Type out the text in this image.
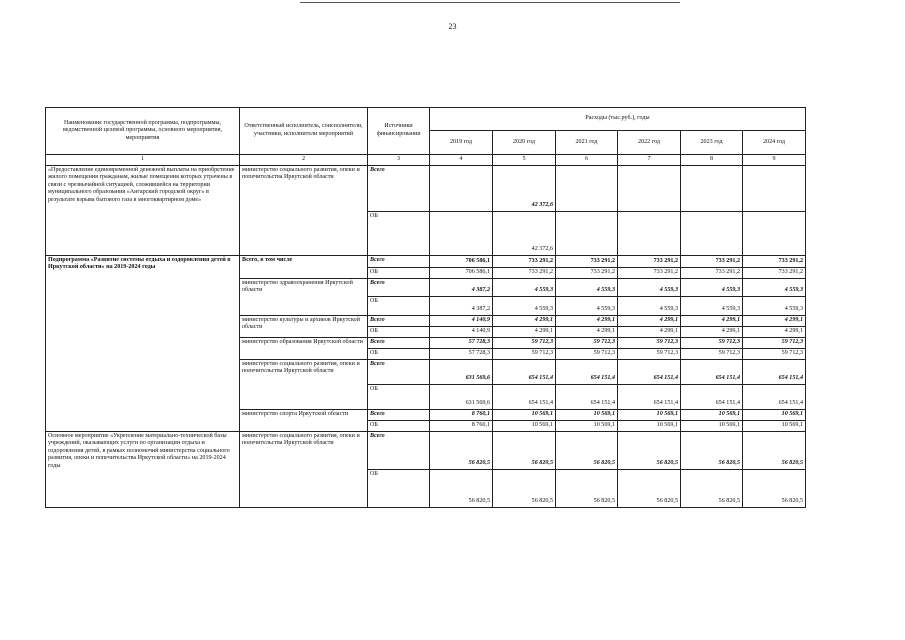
23
Наименование государственной программы, подпрограммы, ведомственной целевой программы, основного мероприятия, мероприятия	Ответственный исполнитель, соисполнители, участники, исполнители мероприятий	Источники финансирования	Расходы (тыс.руб.), годы					
			2019 год	2020 год	2021 год	2022 год	2023 год	2024 год
1	2	3	4	5	6	7	8	9
«Предоставление единовременной денежной выплаты на приобретение жилого помещения гражданам, жилые помещения которых утрачены в связи с чрезвычайной ситуацией, сложившейся на территории муниципального образования «Ангарский городской округ» в результате взрыва бытового газа в многоквартирном доме»	министерство социального развития, опеки и попечительства Иркутской области	Всего		42 372,6				
		ОБ		42 372,6				
Подпрограмма «Развитие системы отдыха и оздоровления детей в Иркутской области» на 2019-2024 годы	Всего, в том числе	Всего	706 586,1	733 291,2	733 291,2	733 291,2	733 291,2	733 291,2
		ОБ	706 586,1	733 291,2	733 291,2	733 291,2	733 291,2	733 291,2
	министерство здравоохранения Иркутской области	Всего	4 387,2	4 559,3	4 559,3	4 559,3	4 559,3	4 559,3
		ОБ	4 387,2	4 559,3	4 559,3	4 559,3	4 559,3	4 559,3
	министерство культуры и архивов Иркутской области	Всего	4 140,9	4 299,1	4 299,1	4 299,1	4 299,1	4 299,1
		ОБ	4 140,9	4 299,1	4 299,1	4 299,1	4 299,1	4 299,1
	министерство образования Иркутской области	Всего	57 728,3	59 712,3	59 712,3	59 712,3	59 712,3	59 712,3
		ОБ	57 728,3	59 712,3	59 712,3	59 712,3	59 712,3	59 712,3
	министерство социального развития, опеки и попечительства Иркутской области	Всего	631 569,6	654 151,4	654 151,4	654 151,4	654 151,4	654 151,4
		ОБ	631 569,6	654 151,4	654 151,4	654 151,4	654 151,4	654 151,4
	министерство спорта Иркутской области	Всего	8 760,1	10 569,1	10 569,1	10 569,1	10 569,1	10 569,1
		ОБ	8 760,1	10 569,1	10 569,1	10 569,1	10 569,1	10 569,1
Основное мероприятие «Укрепление материально-технической базы учреждений, оказывающих услуги по организации отдыха и оздоровления детей, в рамках полномочий министерства социального развития, опеки и попечительства Иркутской области» на 2019-2024 годы	министерство социального развития, опеки и попечительства Иркутской области	Всего	56 820,5	56 820,5	56 820,5	56 820,5	56 820,5	56 820,5
		ОБ	56 820,5	56 820,5	56 820,5	56 820,5	56 820,5	56 820,5
